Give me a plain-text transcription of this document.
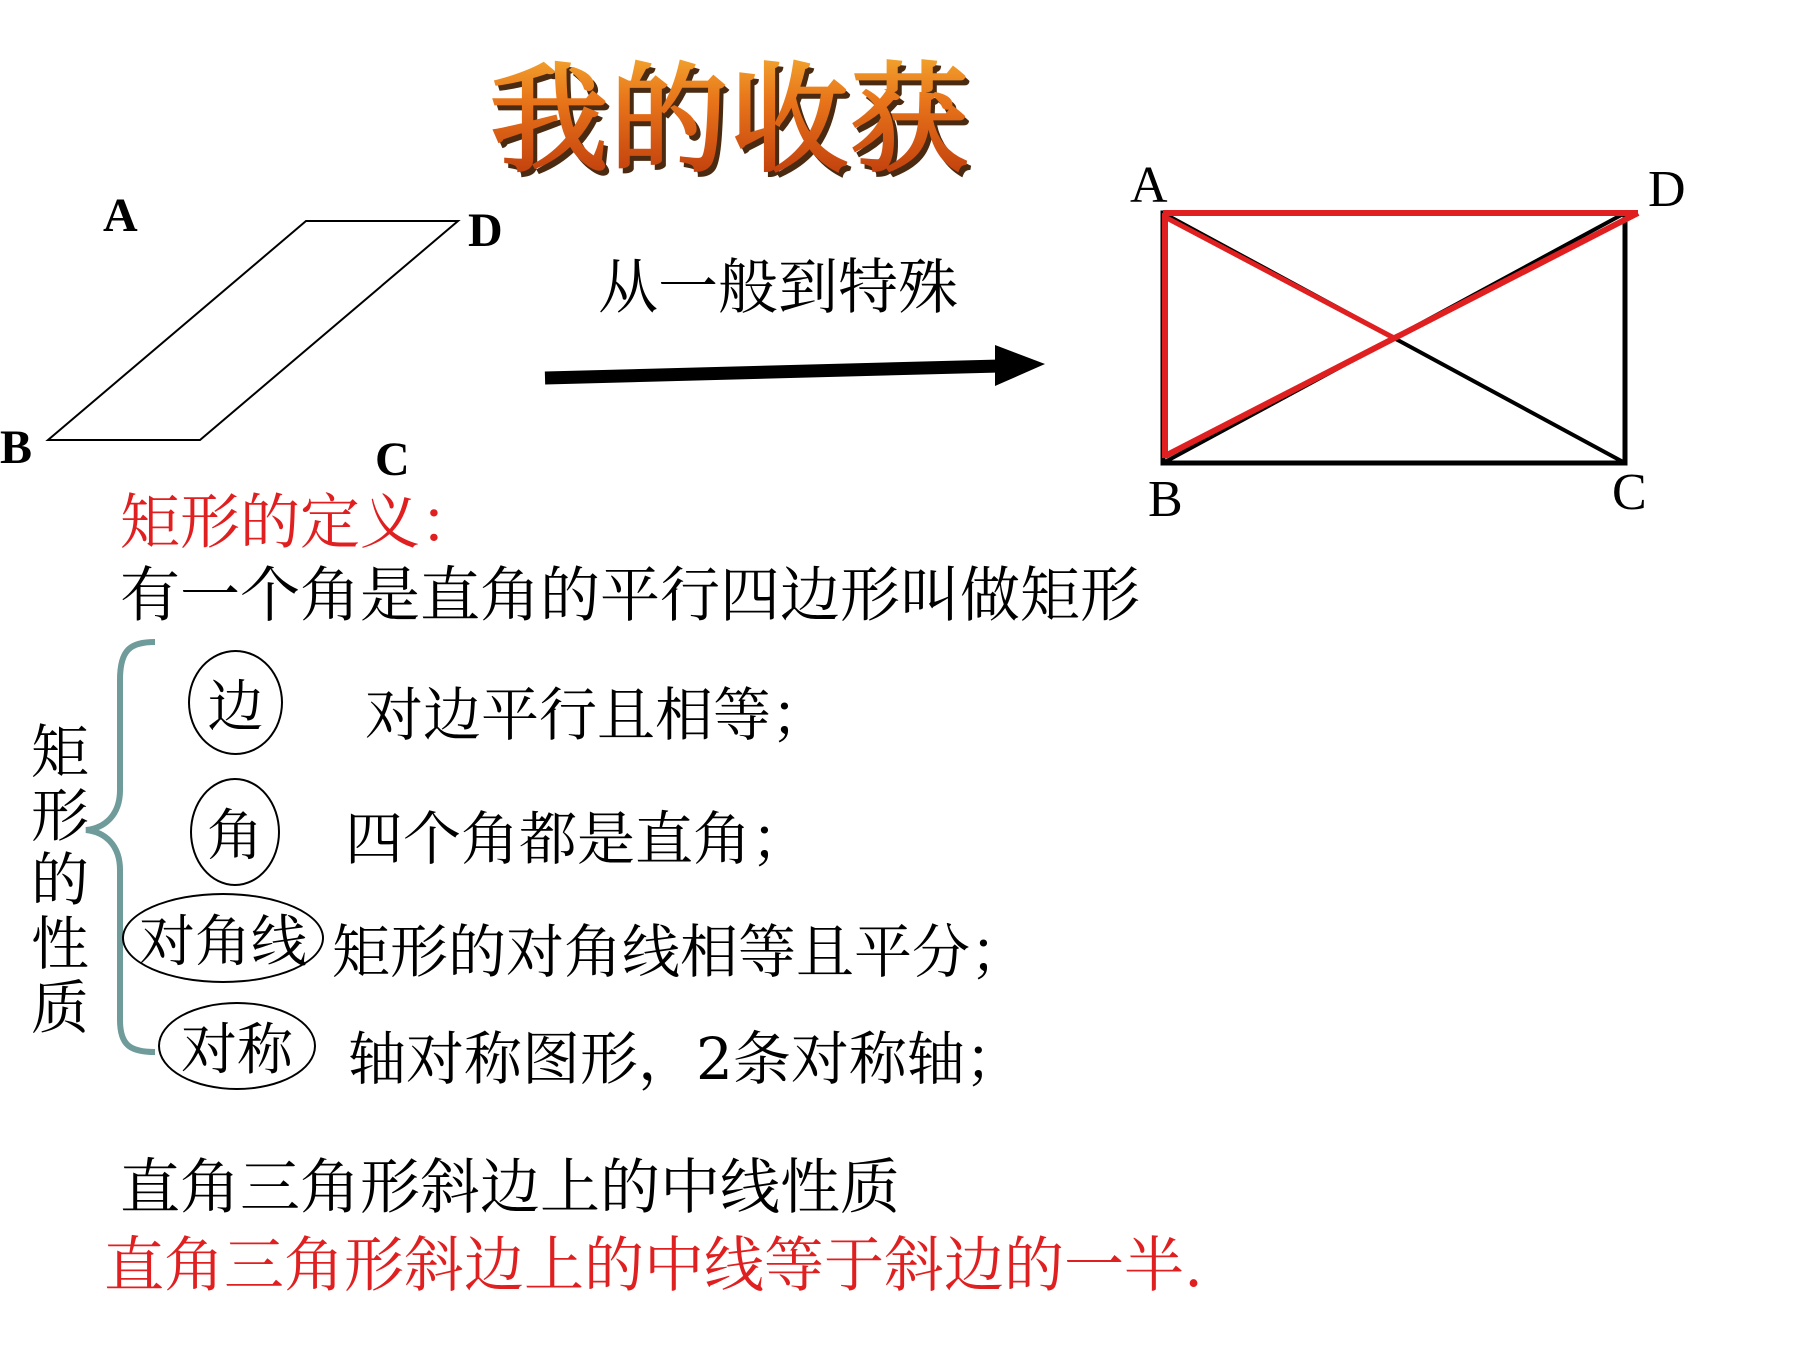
我的收获
A	D
B	C
A	D
B	C
从一般到特殊
矩形的定义：
有一个角是直角的平行四边形叫做矩形
矩形的性质
边	对边平行且相等；
角 四个角都是直角；
对角线 矩形的对角线相等且平分；
对称 轴对称图形，2条对称轴；
直角三角形斜边上的中线性质
直角三角形斜边上的中线等于斜边的一半.
